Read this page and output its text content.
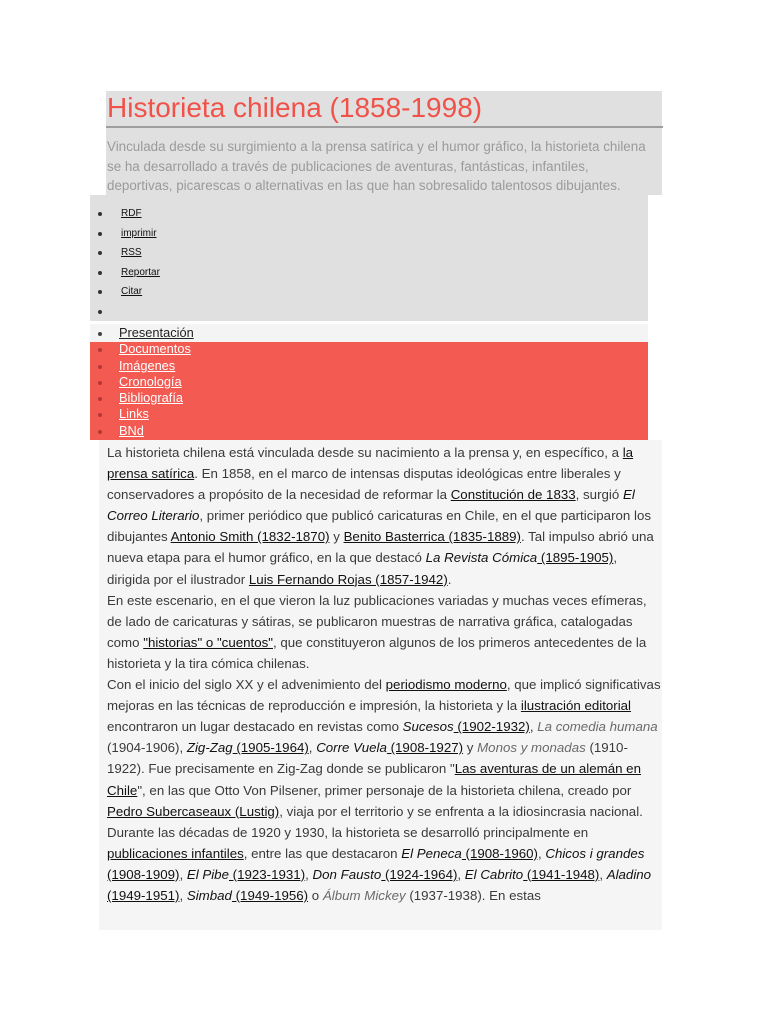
Historieta chilena (1858-1998)
Vinculada desde su surgimiento a la prensa satírica y el humor gráfico, la historieta chilena se ha desarrollado a través de publicaciones de aventuras, fantásticas, infantiles, deportivas, picarescas o alternativas en las que han sobresalido talentosos dibujantes.
RDF
imprimir
RSS
Reportar
Citar
Presentación
Documentos
Imágenes
Cronología
Bibliografía
Links
BNd

La historieta chilena está vinculada desde su nacimiento a la prensa y, en específico, a la prensa satírica. En 1858, en el marco de intensas disputas ideológicas entre liberales y conservadores a propósito de la necesidad de reformar la Constitución de 1833, surgió El Correo Literario, primer periódico que publicó caricaturas en Chile, en el que participaron los dibujantes Antonio Smith (1832-1870) y Benito Basterrica (1835-1889). Tal impulso abrió una nueva etapa para el humor gráfico, en la que destacó La Revista Cómica (1895-1905), dirigida por el ilustrador Luis Fernando Rojas (1857-1942).

En este escenario, en el que vieron la luz publicaciones variadas y muchas veces efímeras, de lado de caricaturas y sátiras, se publicaron muestras de narrativa gráfica, catalogadas como "historias" o "cuentos", que constituyeron algunos de los primeros antecedentes de la historieta y la tira cómica chilenas.

Con el inicio del siglo XX y el advenimiento del periodismo moderno, que implicó significativas mejoras en las técnicas de reproducción e impresión, la historieta y la ilustración editorial encontraron un lugar destacado en revistas como Sucesos (1902-1932), La comedia humana (1904-1906), Zig-Zag (1905-1964), Corre Vuela (1908-1927) y Monos y monadas (1910-1922). Fue precisamente en Zig-Zag donde se publicaron "Las aventuras de un alemán en Chile", en las que Otto Von Pilsener, primer personaje de la historieta chilena, creado por Pedro Subercaseaux (Lustig), viaja por el territorio y se enfrenta a la idiosincrasia nacional.

Durante las décadas de 1920 y 1930, la historieta se desarrolló principalmente en publicaciones infantiles, entre las que destacaron El Peneca (1908-1960), Chicos i grandes (1908-1909), El Pibe (1923-1931), Don Fausto (1924-1964), El Cabrito (1941-1948), Aladino (1949-1951), Simbad (1949-1956) o Álbum Mickey (1937-1938). En estas
